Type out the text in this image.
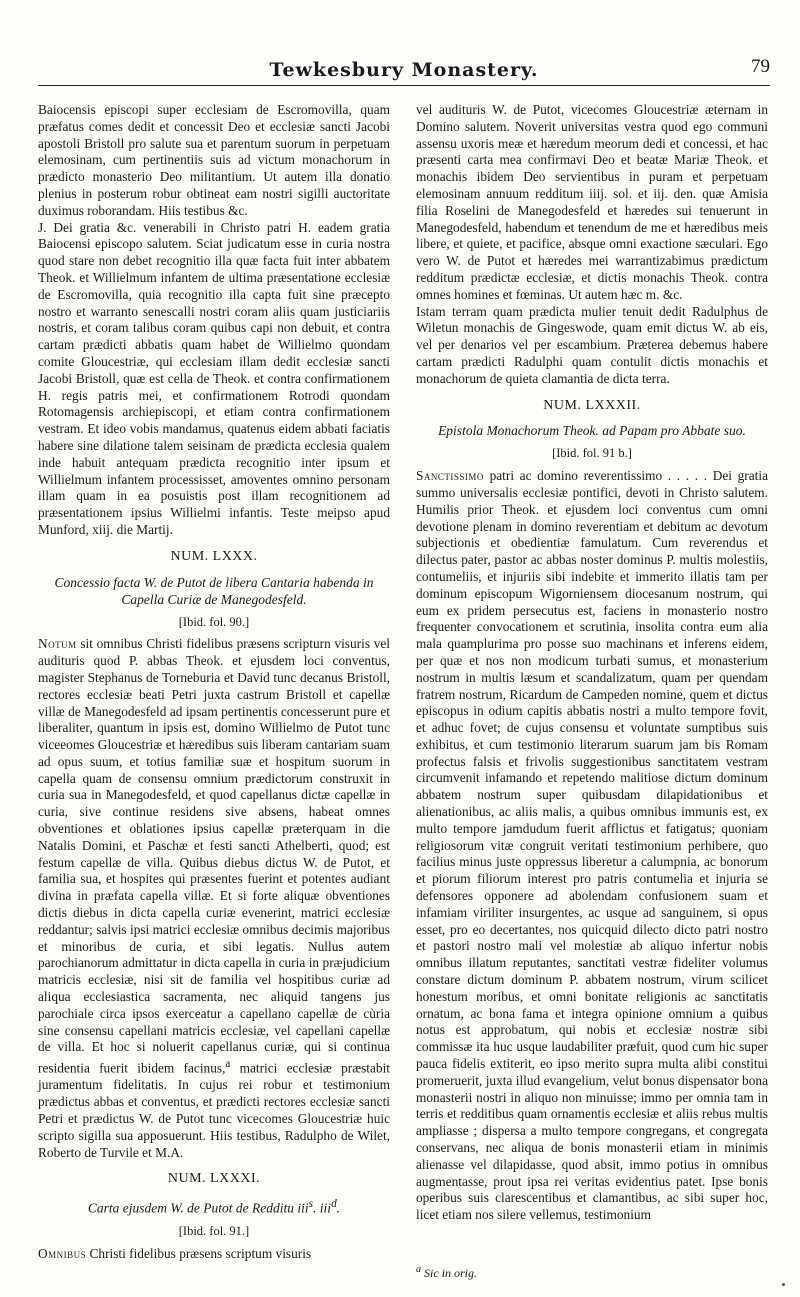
Tewkesbury Monastery.	79

Baiocensis episcopi super ecclesiam de Escromovilla, quam præfatus comes dedit et concessit Deo et ecclesiæ sancti Jacobi apostoli Bristoll pro salute sua et parentum suorum in perpetuam elemosinam, cum pertinentiis suis ad victum monachorum in prædicto monasterio Deo militantium. Ut autem illa donatio plenius in posterum robur obtineat eam nostri sigilli auctoritate duximus roborandam. Hiis testibus &c.

J. Dei gratia &c. venerabili in Christo patri H. eadem gratia Baiocensi episcopo salutem. Sciat judicatum esse in curia nostra quod stare non debet recognitio illa quæ facta fuit inter abbatem Theok. et Willielmum infantem de ultima præsentatione ecclesiæ de Escromovilla, quia recognitio illa capta fuit sine præcepto nostro et warranto senescalli nostri coram aliis quam justiciariis nostris, et coram talibus coram quibus capi non debuit, et contra cartam prædicti abbatis quam habet de Willielmo quondam comite Gloucestriæ, qui ecclesiam illam dedit ecclesiæ sancti Jacobi Bristoll, quæ est cella de Theok. et contra confirmationem H. regis patris mei, et confirmationem Rotrodi quondam Rotomagensis archiepiscopi, et etiam contra confirmationem vestram. Et ideo vobis mandamus, quatenus eidem abbati faciatis habere sine dilatione talem seisinam de prædicta ecclesia qualem inde habuit antequam prædicta recognitio inter ipsum et Willielmum infantem processisset, amoventes omnino personam illam quam in ea posuistis post illam recognitionem ad præsentationem ipsius Willielmi infantis. Teste meipso apud Munford, xiij. die Martij.

NUM. LXXX.
Concessio facta W. de Putot de libera Cantaria habenda in Capella Curiæ de Manegodesfeld.
[Ibid. fol. 90.]

Notum sit omnibus Christi fidelibus præsens scripturn visuris vel audituris quod P. abbas Theok. et ejusdem loci conventus, magister Stephanus de Torneburia et David tunc decanus Bristoll, rectores ecclesiæ beati Petri juxta castrum Bristoll et capellæ villæ de Manegodesfeld ad ipsam pertinentis concesserunt pure et liberaliter, quantum in ipsis est, domino Willielmo de Putot tunc viceeomes Gloucestriæ et hæredibus suis liberam cantariam suam ad opus suum, et totius familiæ suæ et hospitum suorum in capella quam de consensu omnium prædictorum construxit in curia sua in Manegodesfeld, et quod capellanus dictæ capellæ in curia, sive continue residens sive absens, habeat omnes obventiones et oblationes ipsius capellæ præterquam in die Natalis Domini, et Paschæ et festi sancti Athelberti, quod; est festum capellæ de villa. Quibus diebus dictus W. de Putot, et familia sua, et hospites qui præsentes fuerint et potentes audiant divina in præfata capella villæ. Et si forte aliquæ obventiones dictis diebus in dicta capella curiæ evenerint, matrici ecclesiæ reddantur; salvis ipsi matrici ecclesiæ omnibus decimis majoribus et minoribus de curia, et sibi legatis. Nullus autem parochianorum admittatur in dicta capella in curia in præjudicium matricis ecclesiæ, nisi sit de familia vel hospitibus curiæ ad aliqua ecclesiastica sacramenta, nec aliquid tangens jus parochiale circa ipsos exerceatur a capellano capellæ de cùria sine consensu capellani matricis ecclesiæ, vel capellani capellæ de villa. Et hoc si noluerit capellanus curiæ, qui si continua residentia fuerit ibidem facinus,$^a$ matrici ecclesiæ præstabit juramentum fidelitatis. In cujus rei robur et testimonium prædictus abbas et conventus, et prædicti rectores ecclesiæ sancti Petri et prædictus W. de Putot tunc vicecomes Gloucestriæ huic scripto sigilla sua apposuerunt. Hiis testibus, Radulpho de Wilet, Roberto de Turvile et M.A.

NUM. LXXXI.
Carta ejusdem W. de Putot de Redditu iii$^s$. iii$^d$.
[Ibid. fol. 91.]

Omnibus Christi fidelibus præsens scriptum visuris

vel audituris W. de Putot, vicecomes Gloucestriæ æternam in Domino salutem. Noverit universitas vestra quod ego communi assensu uxoris meæ et hæredum meorum dedi et concessi, et hac præsenti carta mea confirmavi Deo et beatæ Mariæ Theok. et monachis ibidem Deo servientibus in puram et perpetuam elemosinam annuum redditum iiij. sol. et iij. den. quæ Amisia filia Roselini de Manegodesfeld et hæredes sui tenuerunt in Manegodesfeld, habendum et tenendum de me et hæredibus meis libere, et quiete, et pacifice, absque omni exactione sæculari. Ego vero W. de Putot et hæredes mei warrantizabimus prædictum redditum prædictæ ecclesiæ, et dictis monachis Theok. contra omnes homines et fœminas. Ut autem hæc m. &c.

Istam terram quam prædicta mulier tenuit dedit Radulphus de Wiletun monachis de Gingeswode, quam emit dictus W. ab eis, vel per denarios vel per escambium. Præterea debemus habere cartam prædicti Radulphi quam contulit dictis monachis et monachorum de quieta clamantia de dicta terra.

NUM. LXXXII.
Epistola Monachorum Theok. ad Papam pro Abbate suo.
[Ibid. fol. 91 b.]

Sanctissimo patri ac domino reverentissimo . . . . . Dei gratia summo universalis ecclesiæ pontifici, devoti in Christo salutem. Humilis prior Theok. et ejusdem loci conventus cum omni devotione plenam in domino reverentiam et debitum ac devotum subjectionis et obedientiæ famulatum. Cum reverendus et dilectus pater, pastor ac abbas noster dominus P. multis molestiis, contumeliis, et injuriis sibi indebite et immerito illatis tam per dominum episcopum Wigorniensem diocesanum nostrum, qui eum ex pridem persecutus est, faciens in monasterio nostro frequenter convocationem et scrutinia, insolita contra eum alia mala quamplurima pro posse suo machinans et inferens eidem, per quæ et nos non modicum turbati sumus, et monasterium nostrum in multis læsum et scandalizatum, quam per quendam fratrem nostrum, Ricardum de Campeden nomine, quem et dictus episcopus in odium capitis abbatis nostri a multo tempore fovit, et adhuc fovet; de cujus consensu et voluntate sumptibus suis exhibitus, et cum testimonio literarum suarum jam bis Romam profectus falsis et frivolis suggestionibus sanctitatem vestram circumvenit infamando et repetendo malitiose dictum dominum abbatem nostrum super quibusdam dilapidationibus et alienationibus, ac aliis malis, a quibus omnibus immunis est, ex multo tempore jamdudum fuerit afflictus et fatigatus; quoniam religiosorum vitæ congruit veritati testimonium perhibere, quo facilius minus juste oppressus liberetur a calumpnia, ac bonorum et piorum filiorum interest pro patris contumelia et injuria se defensores opponere ad abolendam confusionem suam et infamiam viriliter insurgentes, ac usque ad sanguinem, si opus esset, pro eo decertantes, nos quicquid dilecto dicto patri nostro et pastori nostro mali vel molestiæ ab aliquo infertur nobis omnibus illatum reputantes, sanctitati vestræ fideliter volumus constare dictum dominum P. abbatem nostrum, virum scilicet honestum moribus, et omni bonitate religionis ac sanctitatis ornatum, ac bona fama et integra opinione omnium a quibus notus est approbatum, qui nobis et ecclesiæ nostræ sibi commissæ ita huc usque laudabiliter præfuit, quod cum hic super pauca fidelis extiterit, eo ipso merito supra multa alibi constitui promeruerit, juxta illud evangelium, velut bonus dispensator bona monasterii nostri in aliquo non minuisse; immo per omnia tam in terris et redditibus quam ornamentis ecclesiæ et aliis rebus multis ampliasse ; dispersa a multo tempore congregans, et congregata conservans, nec aliqua de bonis monasterii etiam in minimis alienasse vel dilapidasse, quod absit, immo potius in omnibus augmentasse, prout ipsa rei veritas evidentius patet. Ipse bonis operibus suis clarescentibus et clamantibus, ac sibi super hoc, licet etiam nos silere vellemus, testimonium

$^a$ Sic in orig.
